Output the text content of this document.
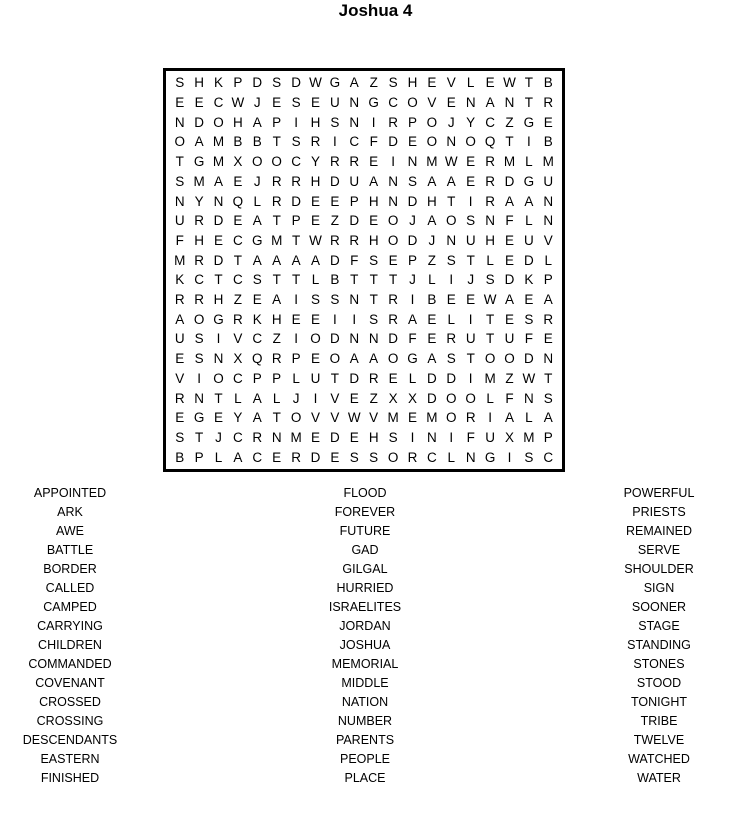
Joshua 4
S H K P D S D W G A Z S H E V L E W T B
E E C W J E S E U N G C O V E N A N T R
N D O H A P I H S N I R P O J Y C Z G E
O A M B B T S R I C F D E O N O Q T I B
T G M X O O C Y R R E I N M W E R M L M
S M A E J R R H D U A N S A A E R D G U
N Y N Q L R D E E P H N D H T I R A A N
U R D E A T P E Z D E O J A O S N F L N
F H E C G M T W R R H O D J N U H E U V
M R D T A A A A D F S E P Z S T L E D L
K C T C S T T L B T T T J L	I	J S D K P
R R H Z E A I S S N T R I B E E W A E A
A O G R K H E E I	I S R A E L	I T E S R
U S I V C Z I O D N N D F E R U T U F E
E S N X Q R P E O A A O G A S T O O D N
V I O C P P L U T D R E L D D I M Z W T
R N T L A L J	I V E Z X X D O O L F N S
E G E Y A T O V V W V M E M O R I A L A
S T J C R N M E D E H S I N I F U X M P
B P L A C E R D E S S O R C L N G I S C
APPOINTED
ARK
AWE
BATTLE
BORDER
CALLED
CAMPED
CARRYING
CHILDREN
COMMANDED
COVENANT
CROSSED
CROSSING
DESCENDANTS
EASTERN
FINISHED
FLOOD
FOREVER
FUTURE
GAD
GILGAL
HURRIED
ISRAELITES
JORDAN
JOSHUA
MEMORIAL
MIDDLE
NATION
NUMBER
PARENTS
PEOPLE
PLACE
POWERFUL
PRIESTS
REMAINED
SERVE
SHOULDER
SIGN
SOONER
STAGE
STANDING
STONES
STOOD
TONIGHT
TRIBE
TWELVE
WATCHED
WATER
